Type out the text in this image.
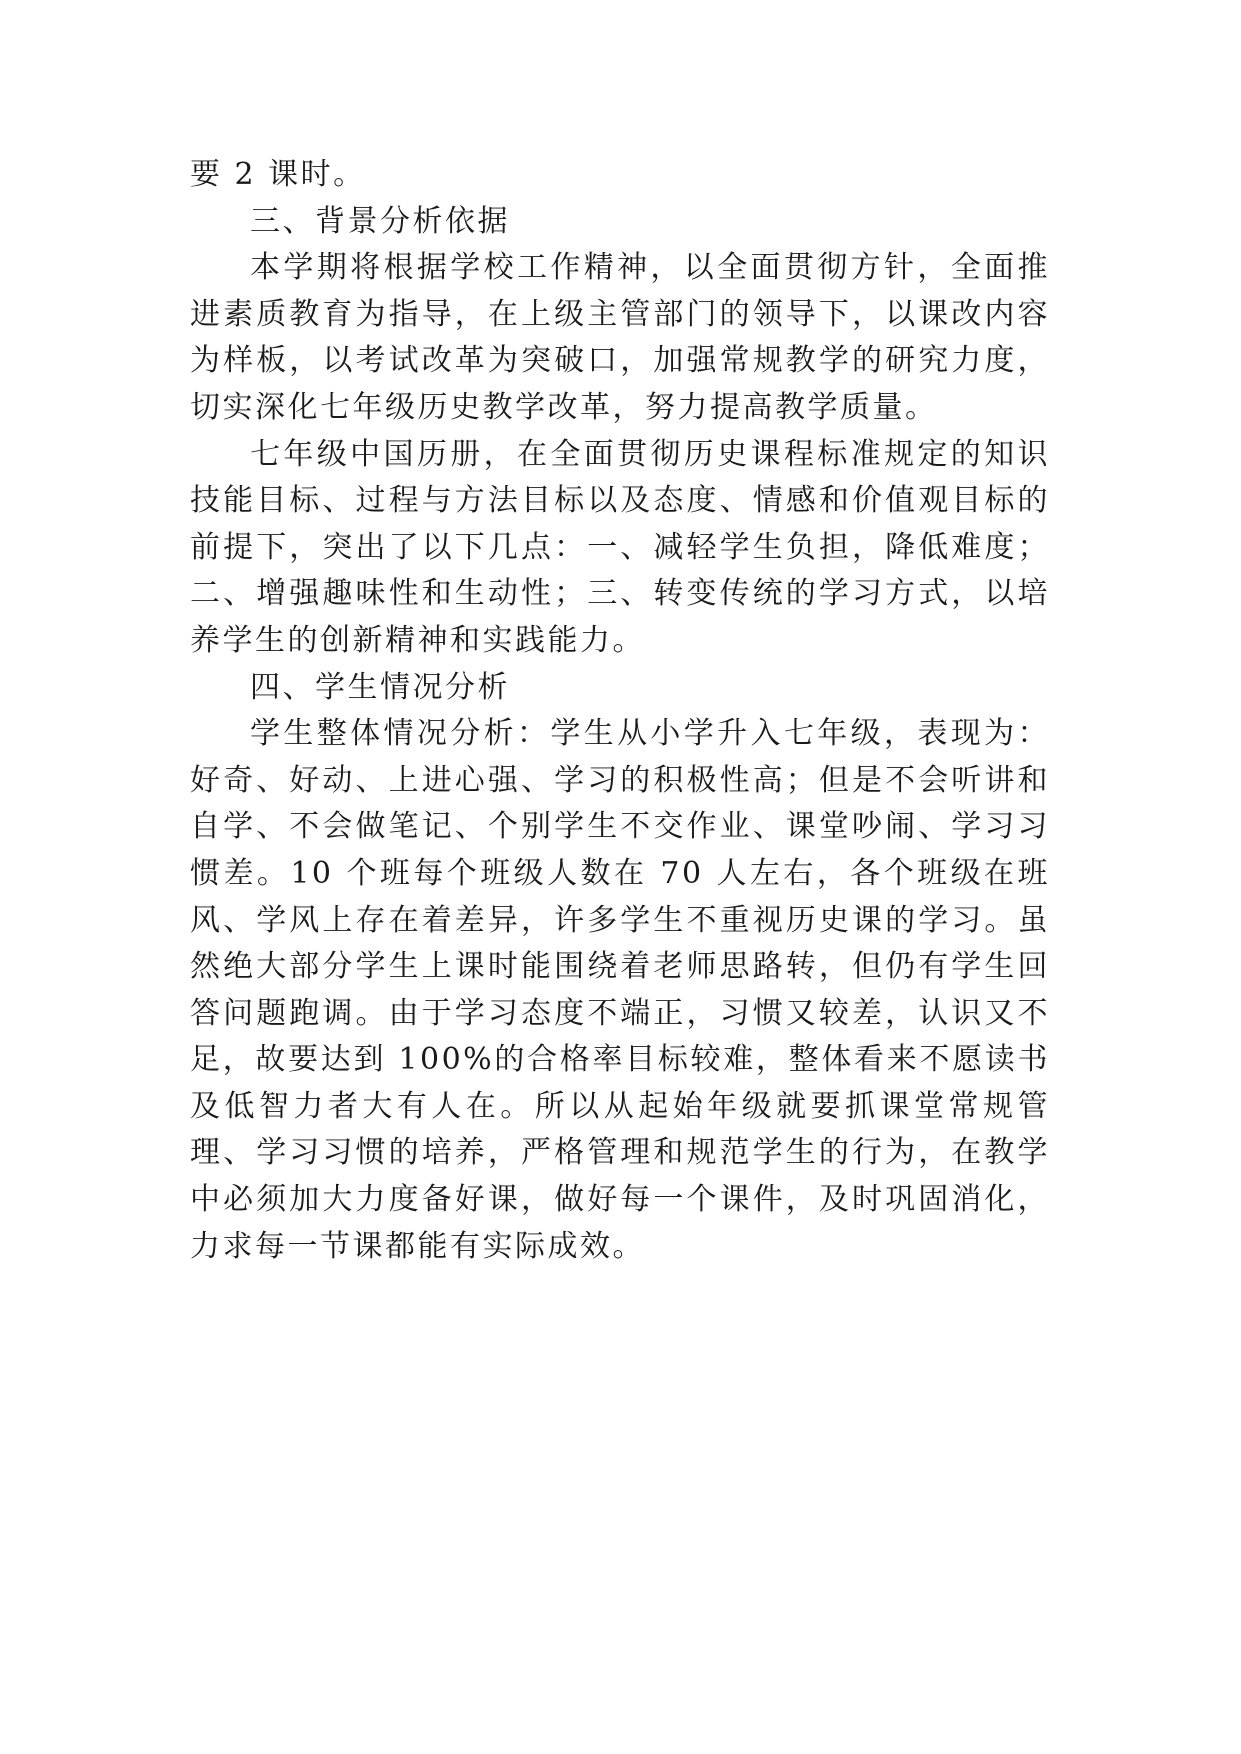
要 2 课时。

三、背景分析依据

本学期将根据学校工作精神，以全面贯彻方针，全面推进素质教育为指导，在上级主管部门的领导下，以课改内容为样板，以考试改革为突破口，加强常规教学的研究力度，切实深化七年级历史教学改革，努力提高教学质量。

七年级中国历册，在全面贯彻历史课程标准规定的知识技能目标、过程与方法目标以及态度、情感和价值观目标的前提下，突出了以下几点：一、减轻学生负担，降低难度；二、增强趣味性和生动性；三、转变传统的学习方式，以培养学生的创新精神和实践能力。

四、学生情况分析

学生整体情况分析：学生从小学升入七年级，表现为：好奇、好动、上进心强、学习的积极性高；但是不会听讲和自学、不会做笔记、个别学生不交作业、课堂吵闹、学习习惯差。10 个班每个班级人数在 70 人左右，各个班级在班风、学风上存在着差异，许多学生不重视历史课的学习。虽然绝大部分学生上课时能围绕着老师思路转，但仍有学生回答问题跑调。由于学习态度不端正，习惯又较差，认识又不足，故要达到 100%的合格率目标较难，整体看来不愿读书及低智力者大有人在。所以从起始年级就要抓课堂常规管理、学习习惯的培养，严格管理和规范学生的行为，在教学中必须加大力度备好课，做好每一个课件，及时巩固消化，力求每一节课都能有实际成效。
